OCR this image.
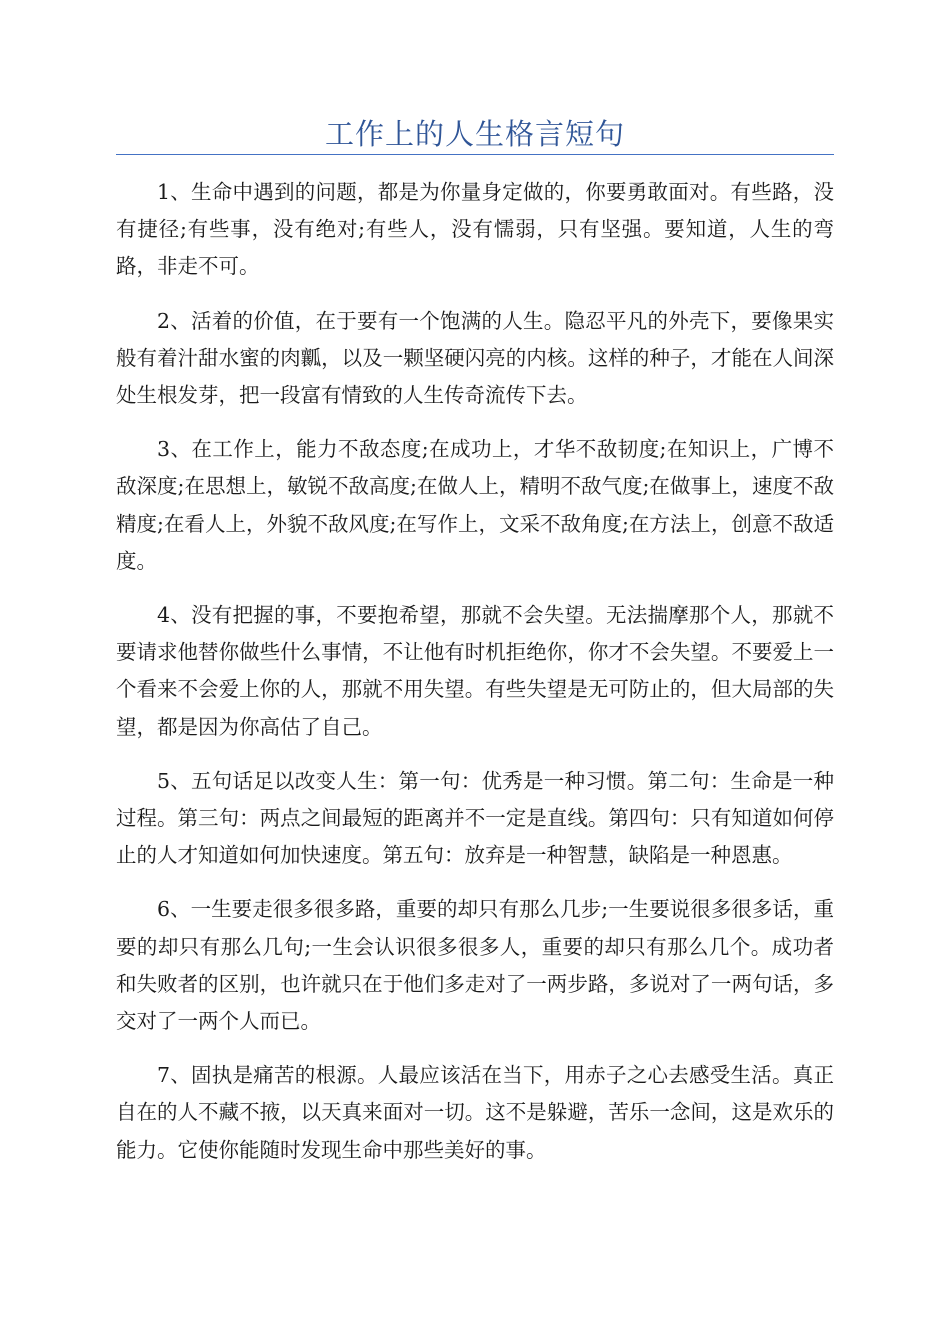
工作上的人生格言短句

1、生命中遇到的问题，都是为你量身定做的，你要勇敢面对。有些路，没有捷径;有些事，没有绝对;有些人，没有懦弱，只有坚强。要知道，人生的弯路，非走不可。

2、活着的价值，在于要有一个饱满的人生。隐忍平凡的外壳下，要像果实般有着汁甜水蜜的肉瓤，以及一颗坚硬闪亮的内核。这样的种子，才能在人间深处生根发芽，把一段富有情致的人生传奇流传下去。

3、在工作上，能力不敌态度;在成功上，才华不敌韧度;在知识上，广博不敌深度;在思想上，敏锐不敌高度;在做人上，精明不敌气度;在做事上，速度不敌精度;在看人上，外貌不敌风度;在写作上，文采不敌角度;在方法上，创意不敌适度。

4、没有把握的事，不要抱希望，那就不会失望。无法揣摩那个人，那就不要请求他替你做些什么事情，不让他有时机拒绝你，你才不会失望。不要爱上一个看来不会爱上你的人，那就不用失望。有些失望是无可防止的，但大局部的失望，都是因为你高估了自己。

5、五句话足以改变人生：第一句：优秀是一种习惯。第二句：生命是一种过程。第三句：两点之间最短的距离并不一定是直线。第四句：只有知道如何停止的人才知道如何加快速度。第五句：放弃是一种智慧，缺陷是一种恩惠。

6、一生要走很多很多路，重要的却只有那么几步;一生要说很多很多话，重要的却只有那么几句;一生会认识很多很多人，重要的却只有那么几个。成功者和失败者的区别，也许就只在于他们多走对了一两步路，多说对了一两句话，多交对了一两个人而已。

7、固执是痛苦的根源。人最应该活在当下，用赤子之心去感受生活。真正自在的人不藏不掖，以天真来面对一切。这不是躲避，苦乐一念间，这是欢乐的能力。它使你能随时发现生命中那些美好的事。
